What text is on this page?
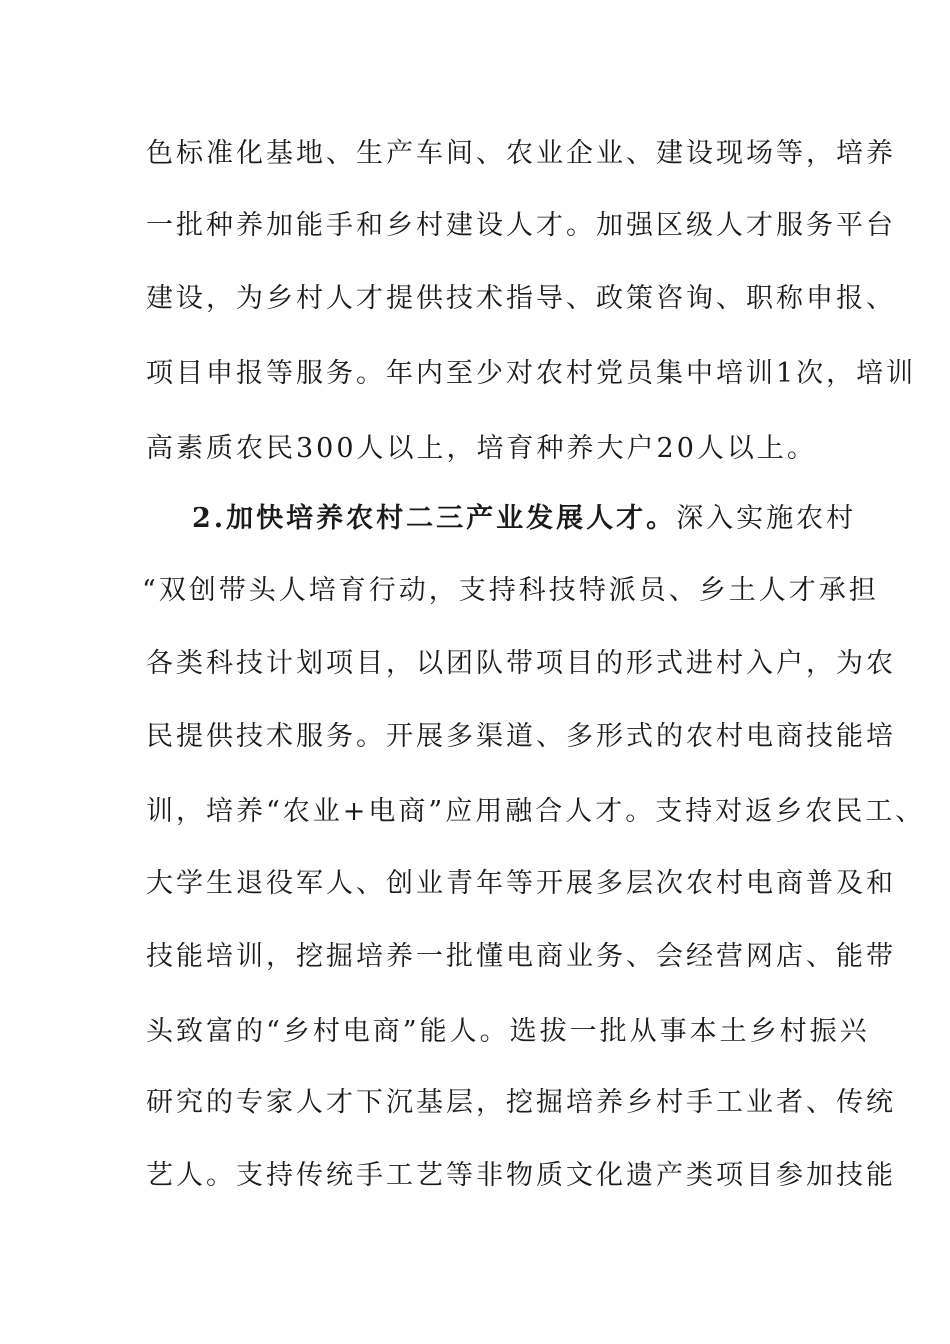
色标准化基地、生产车间、农业企业、建设现场等，培养
一批种养加能手和乡村建设人才。加强区级人才服务平台
建设，为乡村人才提供技术指导、政策咨询、职称申报、
项目申报等服务。年内至少对农村党员集中培训1次，培训
高素质农民300人以上，培育种养大户20人以上。
2.加快培养农村二三产业发展人才。深入实施农村
“双创带头人培育行动，支持科技特派员、乡土人才承担
各类科技计划项目，以团队带项目的形式进村入户，为农
民提供技术服务。开展多渠道、多形式的农村电商技能培
训，培养“农业+电商”应用融合人才。支持对返乡农民工、
大学生退役军人、创业青年等开展多层次农村电商普及和
技能培训，挖掘培养一批懂电商业务、会经营网店、能带
头致富的“乡村电商”能人。选拔一批从事本土乡村振兴
研究的专家人才下沉基层，挖掘培养乡村手工业者、传统
艺人。支持传统手工艺等非物质文化遗产类项目参加技能
